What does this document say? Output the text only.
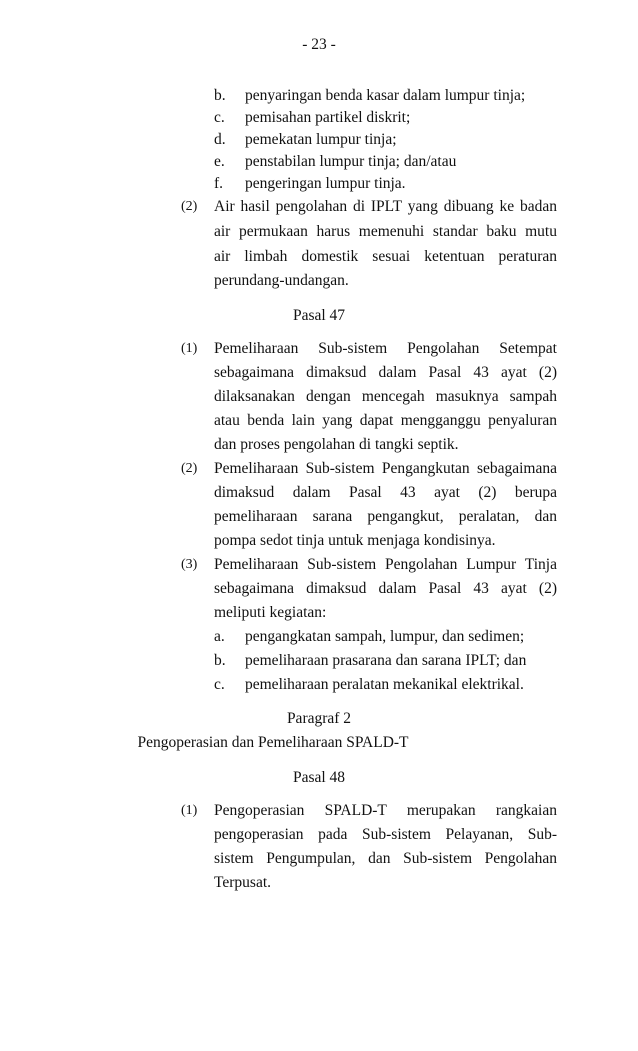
- 23 -
b. penyaringan benda kasar dalam lumpur tinja;
c. pemisahan partikel diskrit;
d. pemekatan lumpur tinja;
e. penstabilan lumpur tinja; dan/atau
f. pengeringan lumpur tinja.
(2) Air hasil pengolahan di IPLT yang dibuang ke badan
air permukaan harus memenuhi standar baku mutu
air limbah domestik sesuai ketentuan peraturan
perundang-undangan.
Pasal 47
(1) Pemeliharaan Sub-sistem Pengolahan Setempat
sebagaimana dimaksud dalam Pasal 43 ayat (2)
dilaksanakan dengan mencegah masuknya sampah
atau benda lain yang dapat mengganggu penyaluran
dan proses pengolahan di tangki septik.
(2) Pemeliharaan Sub-sistem Pengangkutan sebagaimana
dimaksud dalam Pasal 43 ayat (2) berupa
pemeliharaan sarana pengangkut, peralatan, dan
pompa sedot tinja untuk menjaga kondisinya.
(3) Pemeliharaan Sub-sistem Pengolahan Lumpur Tinja
sebagaimana dimaksud dalam Pasal 43 ayat (2)
meliputi kegiatan:
a. pengangkatan sampah, lumpur, dan sedimen;
b. pemeliharaan prasarana dan sarana IPLT; dan
c. pemeliharaan peralatan mekanikal elektrikal.
Paragraf 2
Pengoperasian dan Pemeliharaan SPALD-T
Pasal 48
(1) Pengoperasian SPALD-T merupakan rangkaian
pengoperasian pada Sub-sistem Pelayanan, Sub-
sistem Pengumpulan, dan Sub-sistem Pengolahan
Terpusat.
